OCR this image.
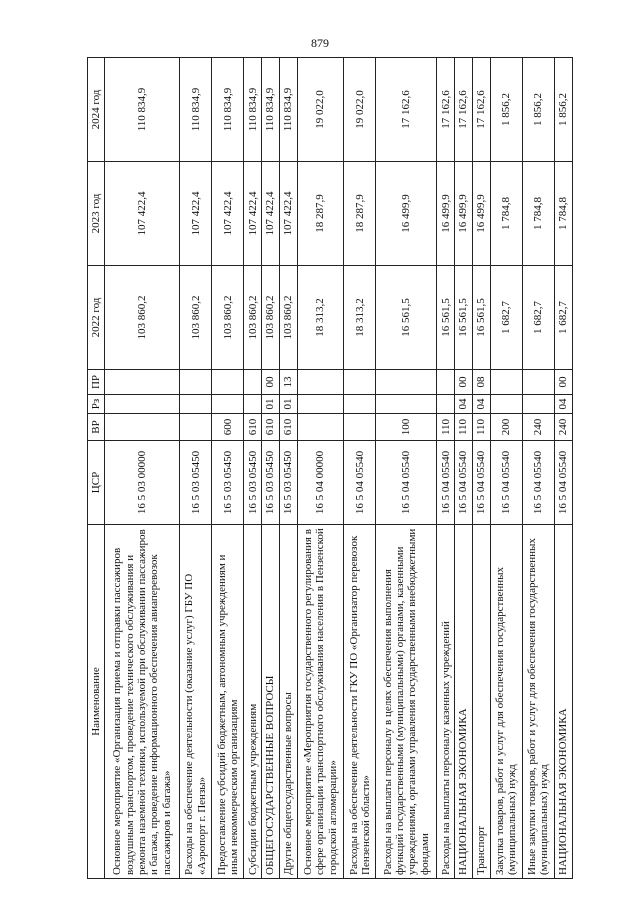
879
Наименование	ЦСР	ВР	Рз	ПР	2022 год	2023 год	2024 год
Основное мероприятие «Организация приема и отправки пассажиров воздушным транспортом, проведение технического обслуживания и ремонта наземной техники, используемой при обслуживании пассажиров и багажа, проведение информационного обеспечения авиаперевозок пассажиров и багажа»	16 5 03 00000				103 860,2	107 422,4	110 834,9
Расходы на обеспечение деятельности (оказание услуг) ГБУ ПО «Аэропорт г. Пензы»	16 5 03 05450				103 860,2	107 422,4	110 834,9
Предоставление субсидий бюджетным, автономным учреждениям и иным некоммерческим организациям	16 5 03 05450	600			103 860,2	107 422,4	110 834,9
Субсидии бюджетным учреждениям	16 5 03 05450	610			103 860,2	107 422,4	110 834,9
ОБЩЕГОСУДАРСТВЕННЫЕ ВОПРОСЫ	16 5 03 05450	610	01	00	103 860,2	107 422,4	110 834,9
Другие общегосударственные вопросы	16 5 03 05450	610	01	13	103 860,2	107 422,4	110 834,9
Основное мероприятие «Мероприятия государственного регулирования в сфере организации транспортного обслуживания населения в Пензенской городской агломерации»	16 5 04 00000				18 313,2	18 287,9	19 022,0
Расходы на обеспечение деятельности ГКУ ПО «Организатор перевозок Пензенской области»	16 5 04 05540				18 313,2	18 287,9	19 022,0
Расходы на выплаты персоналу в целях обеспечения выполнения функций государственными (муниципальными) органами, казенными учреждениями, органами управления государственными внебюджетными фондами	16 5 04 05540	100			16 561,5	16 499,9	17 162,6
Расходы на выплаты персоналу казенных учреждений	16 5 04 05540	110			16 561,5	16 499,9	17 162,6
НАЦИОНАЛЬНАЯ ЭКОНОМИКА	16 5 04 05540	110	04	00	16 561,5	16 499,9	17 162,6
Транспорт	16 5 04 05540	110	04	08	16 561,5	16 499,9	17 162,6
Закупка товаров, работ и услуг для обеспечения государственных (муниципальных) нужд	16 5 04 05540	200			1 682,7	1 784,8	1 856,2
Иные закупки товаров, работ и услуг для обеспечения государственных (муниципальных) нужд	16 5 04 05540	240			1 682,7	1 784,8	1 856,2
НАЦИОНАЛЬНАЯ ЭКОНОМИКА	16 5 04 05540	240	04	00	1 682,7	1 784,8	1 856,2
